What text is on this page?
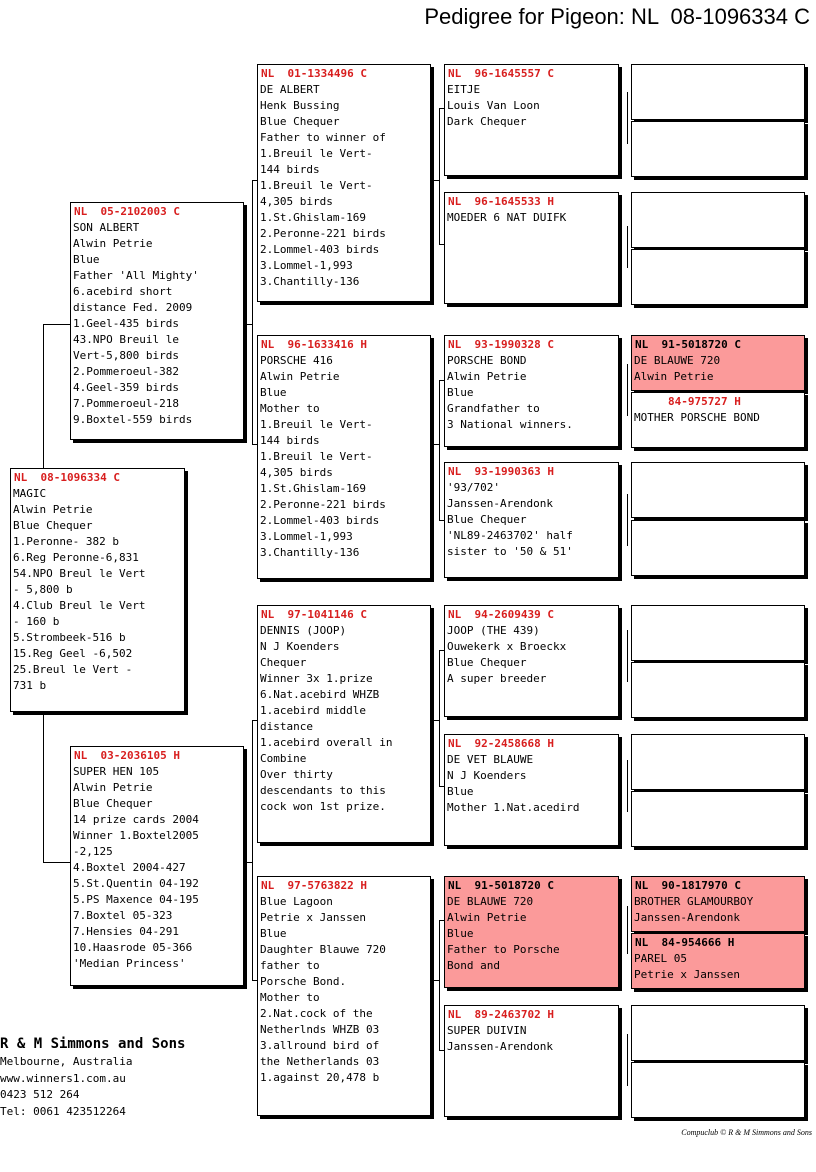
Pedigree for Pigeon: NL  08-1096334 C
NL  08-1096334 C
MAGIC
Alwin Petrie
Blue Chequer
1.Peronne- 382 b
6.Reg Peronne-6,831
54.NPO Breul le Vert
- 5,800 b
4.Club Breul le Vert
- 160 b
5.Strombeek-516 b
15.Reg Geel -6,502
25.Breul le Vert -
731 b
NL  05-2102003 C
SON ALBERT
Alwin Petrie
Blue
Father 'All Mighty'
6.acebird short
distance Fed. 2009
1.Geel-435 birds
43.NPO Breuil le
Vert-5,800 birds
2.Pommeroeul-382
4.Geel-359 birds
7.Pommeroeul-218
9.Boxtel-559 birds
NL  03-2036105 H
SUPER HEN 105
Alwin Petrie
Blue Chequer
14 prize cards 2004
Winner 1.Boxtel2005
-2,125
4.Boxtel 2004-427
5.St.Quentin 04-192
5.PS Maxence 04-195
7.Boxtel 05-323
7.Hensies 04-291
10.Haasrode 05-366
'Median Princess'
NL  01-1334496 C
DE ALBERT
Henk Bussing
Blue Chequer
Father to winner of
1.Breuil le Vert-
144 birds
1.Breuil le Vert-
4,305 birds
1.St.Ghislam-169
2.Peronne-221 birds
2.Lommel-403 birds
3.Lommel-1,993
3.Chantilly-136
NL  96-1633416 H
PORSCHE 416
Alwin Petrie
Blue
Mother to
1.Breuil le Vert-
144 birds
1.Breuil le Vert-
4,305 birds
1.St.Ghislam-169
2.Peronne-221 birds
2.Lommel-403 birds
3.Lommel-1,993
3.Chantilly-136
NL  97-1041146 C
DENNIS (JOOP)
N J Koenders
Chequer
Winner 3x 1.prize
6.Nat.acebird WHZB
1.acebird middle
distance
1.acebird overall in
Combine
Over thirty
descendants to this
cock won 1st prize.
NL  97-5763822 H
Blue Lagoon
Petrie x Janssen
Blue
Daughter Blauwe 720
father to
Porsche Bond.
Mother to
2.Nat.cock of the
Netherlnds WHZB 03
3.allround bird of
the Netherlands 03
1.against 20,478 b
NL  96-1645557 C
EITJE
Louis Van Loon
Dark Chequer
NL  96-1645533 H
MOEDER 6 NAT DUIFK
NL  93-1990328 C
PORSCHE BOND
Alwin Petrie
Blue
Grandfather to
3 National winners.
NL  93-1990363 H
'93/702'
Janssen-Arendonk
Blue Chequer
'NL89-2463702' half
sister to '50 & 51'
NL  94-2609439 C
JOOP (THE 439)
Ouwekerk x Broeckx
Blue Chequer
A super breeder
NL  92-2458668 H
DE VET BLAUWE
N J Koenders
Blue
Mother 1.Nat.acedird
NL  91-5018720 C
DE BLAUWE 720
Alwin Petrie
Blue
Father to Porsche
Bond and
NL  89-2463702 H
SUPER DUIVIN
Janssen-Arendonk
NL  91-5018720 C
DE BLAUWE 720
Alwin Petrie
84-975727 H
MOTHER PORSCHE BOND
NL  90-1817970 C
BROTHER GLAMOURBOY
Janssen-Arendonk
NL  84-954666 H
PAREL 05
Petrie x Janssen
R & M Simmons and Sons
Melbourne, Australia
www.winners1.com.au
0423 512 264
Tel: 0061 423512264
Compuclub © R & M Simmons and Sons
